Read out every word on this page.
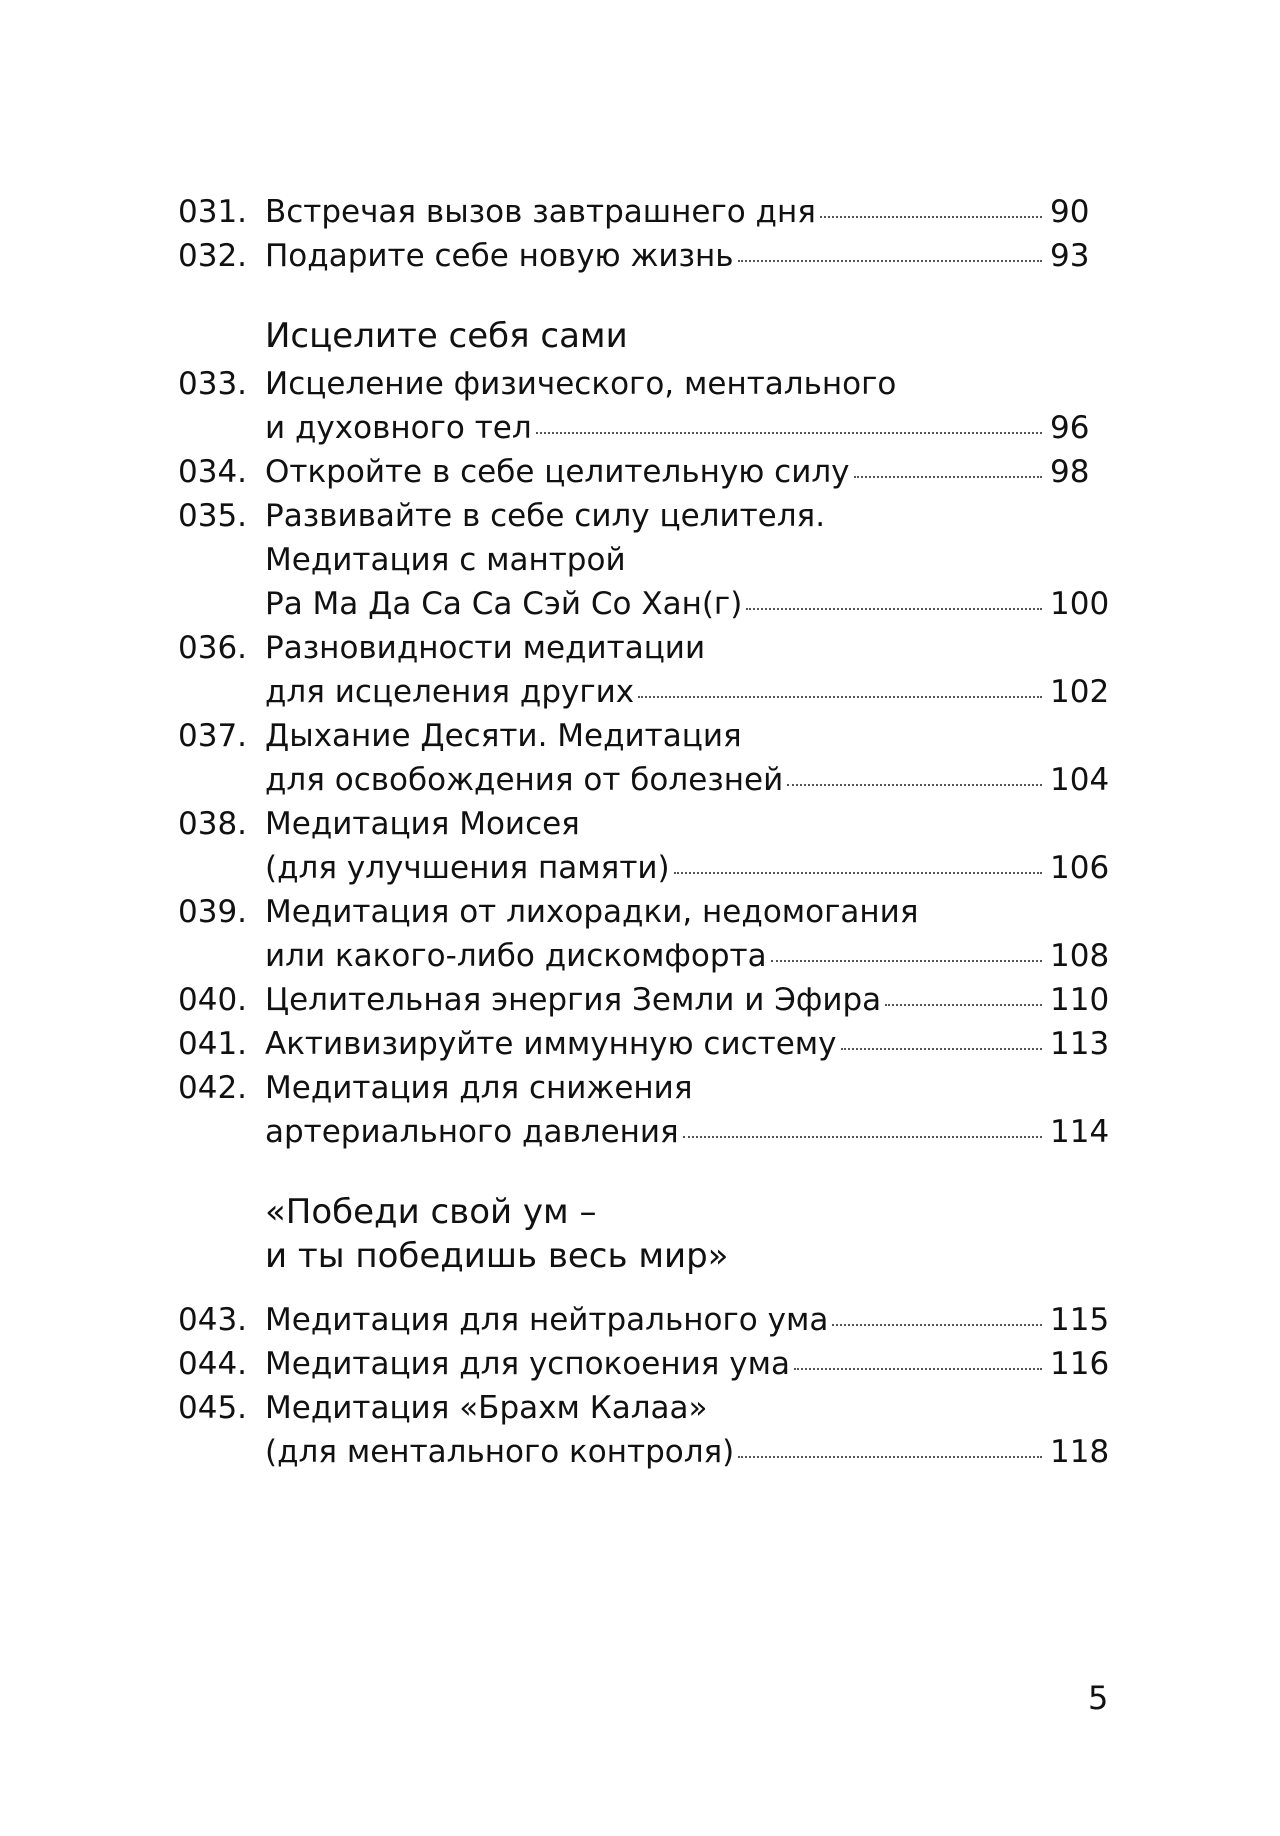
031. Встречая вызов завтрашнего дня	90
032. Подарите себе новую жизнь	93
Исцелите себя сами
033. Исцеление физического, ментального
и духовного тел	96
034. Откройте в себе целительную силу	98
035. Развивайте в себе силу целителя.
Медитация с мантрой
Ра Ма Да Са Са Сэй Со Хан(г)	100
036. Разновидности медитации
для исцеления других	102
037. Дыхание Десяти. Медитация
для освобождения от болезней	104
038. Медитация Моисея
(для улучшения памяти)	106
039. Медитация от лихорадки, недомогания
или какого-либо дискомфорта	108
040. Целительная энергия Земли и Эфира	110
041. Активизируйте иммунную систему	113
042. Медитация для снижения
артериального давления	114
«Победи свой ум –
и ты победишь весь мир»
043. Медитация для нейтрального ума	115
044. Медитация для успокоения ума	116
045. Медитация «Брахм Калаа»
(для ментального контроля)	118
5
